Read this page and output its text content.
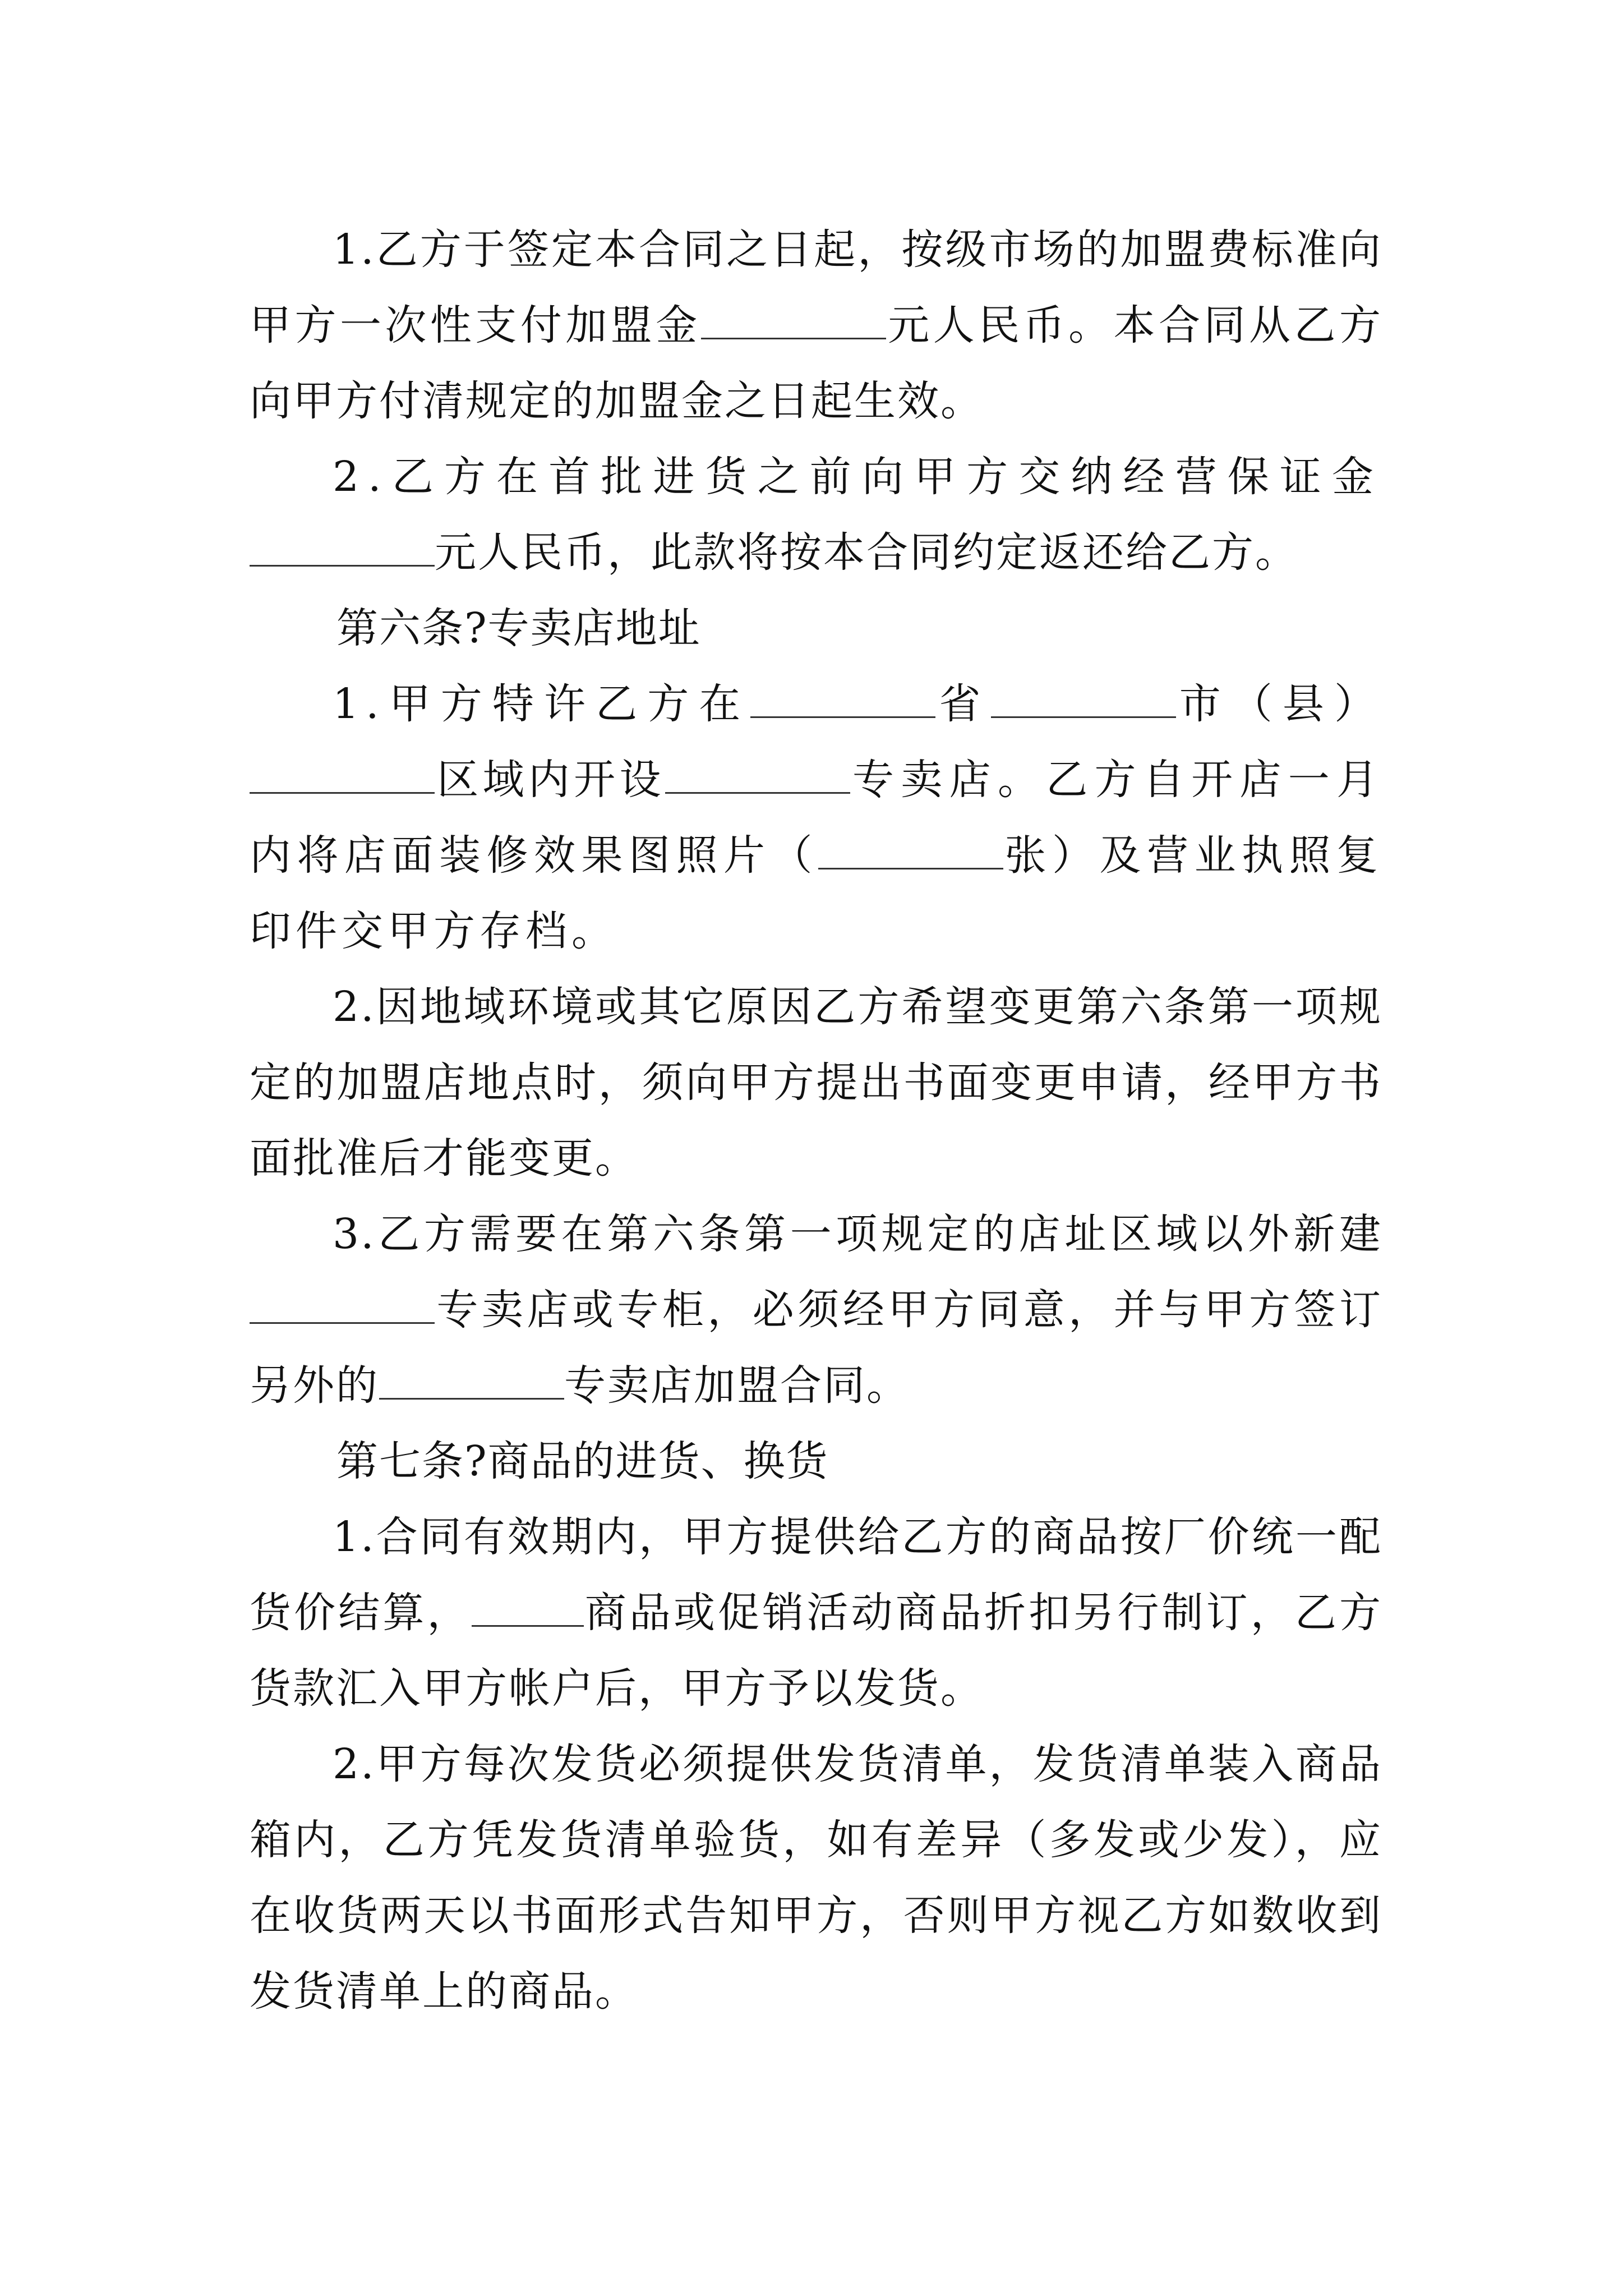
1.乙方于签定本合同之日起，按级市场的加盟费标准向甲方一次性支付加盟金	元人民币。本合同从乙方向甲方付清规定的加盟金之日起生效。

2.乙方在首批进货之前向甲方交纳经营保证金元人民币，此款将按本合同约定返还给乙方。

第六条?专卖店地址

1.甲方特许乙方在	省	市（县）区域内开设	专卖店。乙方自开店一月内将店面装修效果图照片（	张）及营业执照复印件交甲方存档。

2.因地域环境或其它原因乙方希望变更第六条第一项规定的加盟店地点时，须向甲方提出书面变更申请，经甲方书面批准后才能变更。

3.乙方需要在第六条第一项规定的店址区域以外新建专卖店或专柜，必须经甲方同意，并与甲方签订另外的	专卖店加盟合同。

第七条?商品的进货、换货

1.合同有效期内，甲方提供给乙方的商品按厂价统一配货价结算，	商品或促销活动商品折扣另行制订，乙方货款汇入甲方帐户后，甲方予以发货。

2.甲方每次发货必须提供发货清单，发货清单装入商品箱内，乙方凭发货清单验货，如有差异（多发或少发），应在收货两天以书面形式告知甲方，否则甲方视乙方如数收到发货清单上的商品。
